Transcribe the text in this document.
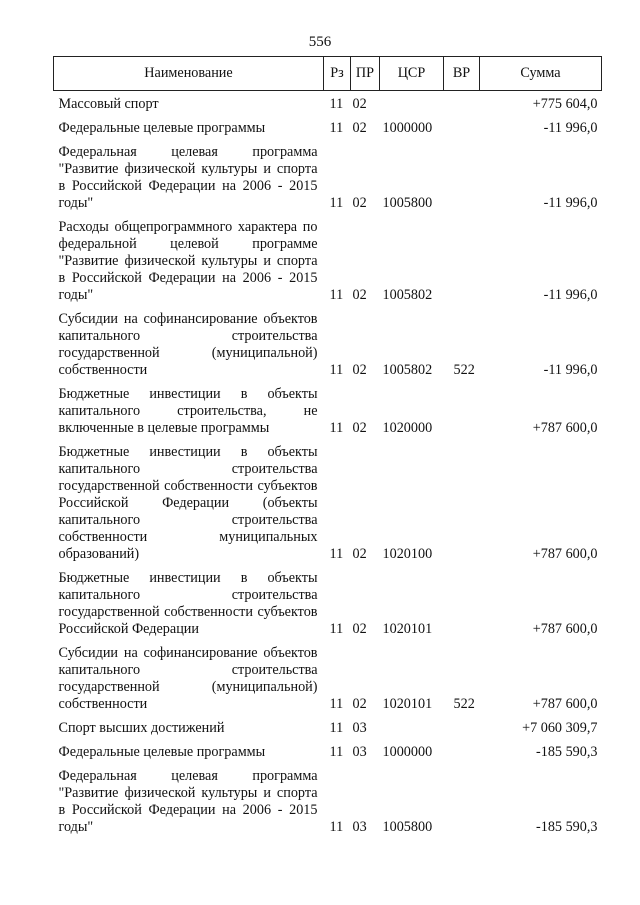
556
Наименование	Рз	ПР	ЦСР	ВР	Сумма
Массовый спорт	11	02			+775 604,0
Федеральные целевые программы	11	02	1000000		-11 996,0
Федеральная целевая программа "Развитие физической культуры и спорта в Российской Федерации на 2006 - 2015 годы"	11	02	1005800		-11 996,0
Расходы общепрограммного характера по федеральной целевой программе "Развитие физической культуры и спорта в Российской Федерации на 2006 - 2015 годы"	11	02	1005802		-11 996,0
Субсидии на софинансирование объектов капитального строительства государственной (муниципальной) собственности	11	02	1005802	522	-11 996,0
Бюджетные инвестиции в объекты капитального строительства, не включенные в целевые программы	11	02	1020000		+787 600,0
Бюджетные инвестиции в объекты капитального строительства государственной собственности субъектов Российской Федерации (объекты капитального строительства собственности муниципальных образований)	11	02	1020100		+787 600,0
Бюджетные инвестиции в объекты капитального строительства государственной собственности субъектов Российской Федерации	11	02	1020101		+787 600,0
Субсидии на софинансирование объектов капитального строительства государственной (муниципальной) собственности	11	02	1020101	522	+787 600,0
Спорт высших достижений	11	03			+7 060 309,7
Федеральные целевые программы	11	03	1000000		-185 590,3
Федеральная целевая программа "Развитие физической культуры и спорта в Российской Федерации на 2006 - 2015 годы"	11	03	1005800		-185 590,3
